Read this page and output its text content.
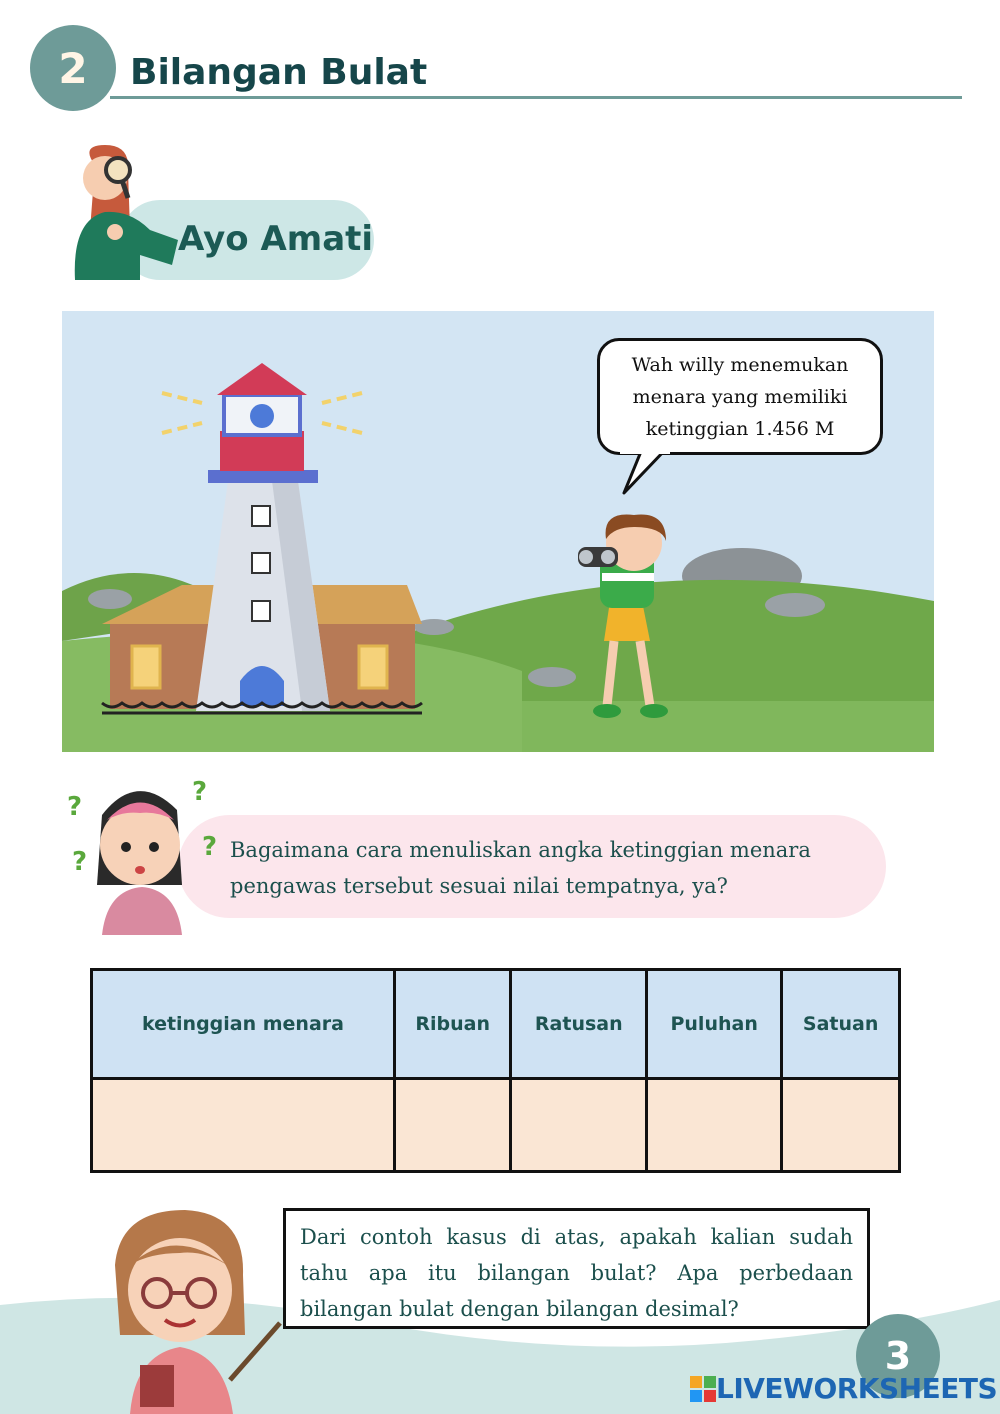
2	Bilangan Bulat
Ayo Amati
Wah willy menemukan menara yang memiliki ketinggian 1.456 M
?	?
?	? Bagaimana cara menuliskan angka ketinggian menara pengawas tersebut sesuai nilai tempatnya, ya?
ketinggian menara	Ribuan	Ratusan	Puluhan	Satuan

Dari contoh kasus di atas, apakah kalian sudah tahu apa itu bilangan bulat? Apa perbedaan bilangan bulat dengan bilangan desimal?
3
LIVEWORKSHEETS
